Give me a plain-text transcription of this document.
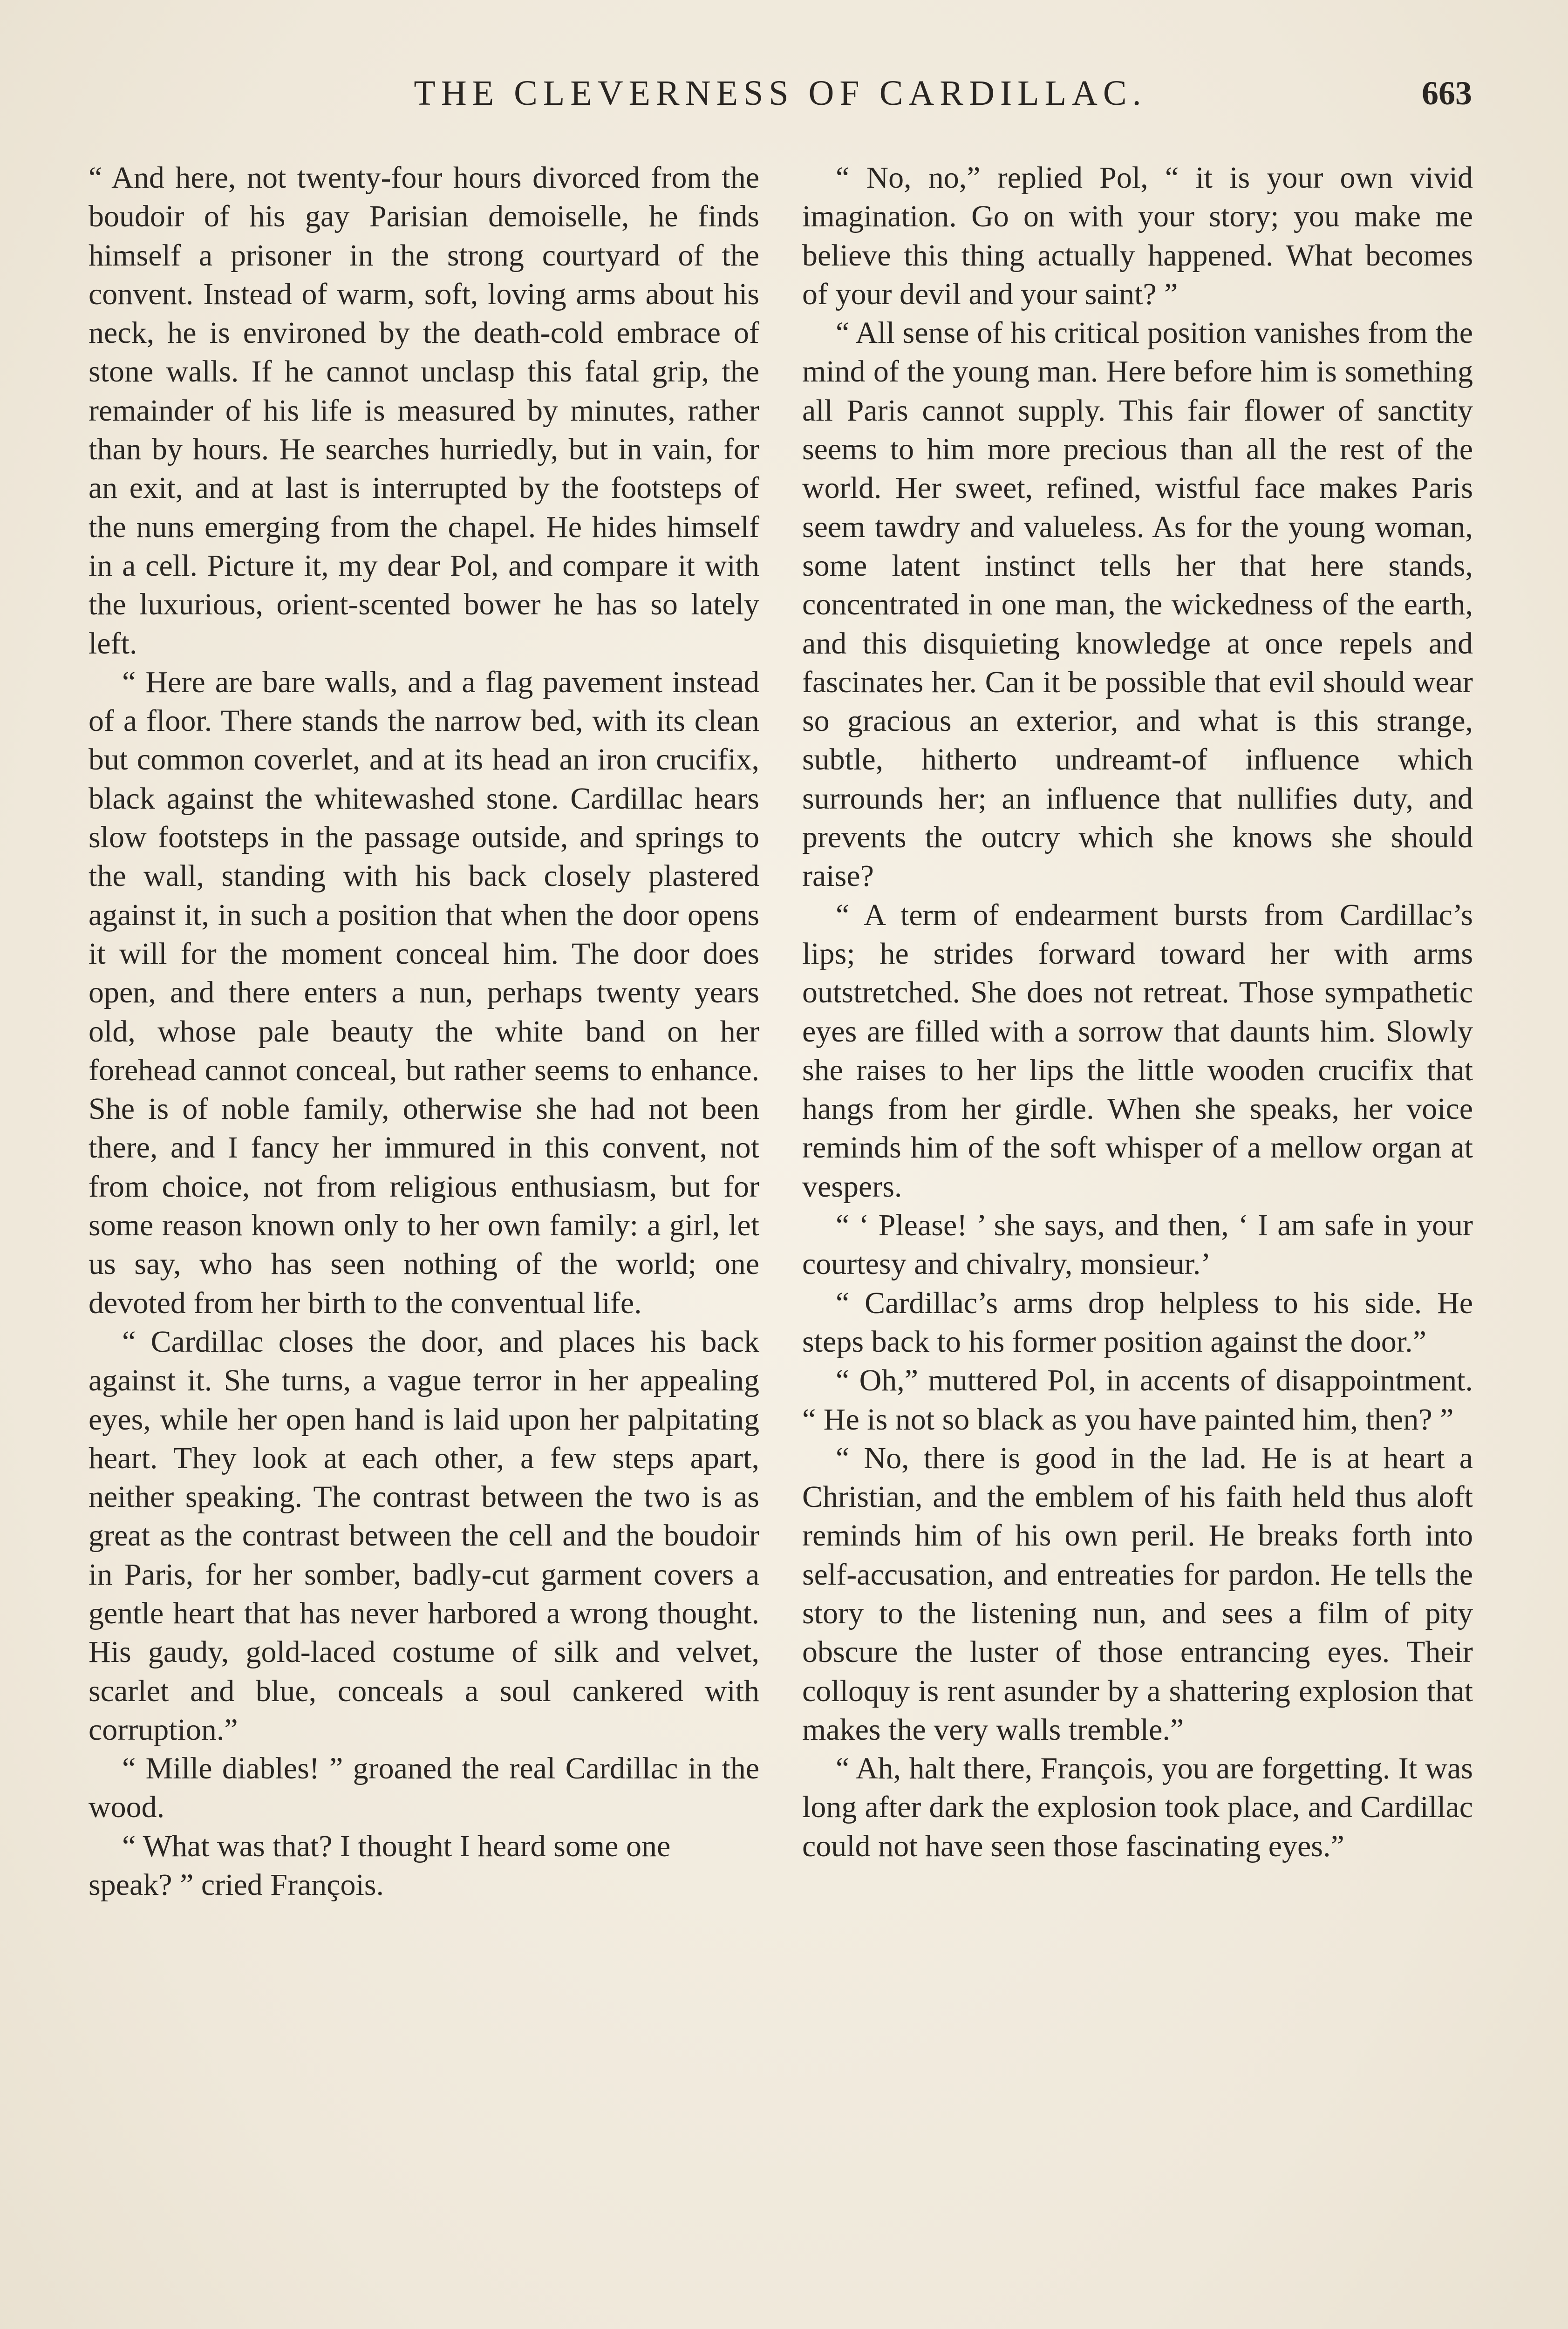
THE CLEVERNESS OF CARDILLAC.	663

“ And here, not twenty-four hours divorced from the boudoir of his gay Parisian demoiselle, he finds himself a prisoner in the strong courtyard of the convent. Instead of warm, soft, loving arms about his neck, he is environed by the death-cold embrace of stone walls. If he cannot unclasp this fatal grip, the remainder of his life is measured by minutes, rather than by hours. He searches hurriedly, but in vain, for an exit, and at last is interrupted by the footsteps of the nuns emerging from the chapel. He hides himself in a cell. Picture it, my dear Pol, and compare it with the luxurious, orient-scented bower he has so lately left.

“ Here are bare walls, and a flag pavement instead of a floor. There stands the narrow bed, with its clean but common coverlet, and at its head an iron crucifix, black against the whitewashed stone. Cardillac hears slow footsteps in the passage outside, and springs to the wall, standing with his back closely plastered against it, in such a position that when the door opens it will for the moment conceal him. The door does open, and there enters a nun, perhaps twenty years old, whose pale beauty the white band on her forehead cannot conceal, but rather seems to enhance. She is of noble family, otherwise she had not been there, and I fancy her immured in this convent, not from choice, not from religious enthusiasm, but for some reason known only to her own family: a girl, let us say, who has seen nothing of the world; one devoted from her birth to the conventual life.

“ Cardillac closes the door, and places his back against it. She turns, a vague terror in her appealing eyes, while her open hand is laid upon her palpitating heart. They look at each other, a few steps apart, neither speaking. The contrast between the two is as great as the contrast between the cell and the boudoir in Paris, for her somber, badly-cut garment covers a gentle heart that has never harbored a wrong thought. His gaudy, gold-laced costume of silk and velvet, scarlet and blue, conceals a soul cankered with corruption.”

“ Mille diables! ” groaned the real Cardillac in the wood.

“ What was that? I thought I heard some one speak? ” cried François.

“ No, no,” replied Pol, “ it is your own vivid imagination. Go on with your story; you make me believe this thing actually happened. What becomes of your devil and your saint? ”

“ All sense of his critical position vanishes from the mind of the young man. Here before him is something all Paris cannot supply. This fair flower of sanctity seems to him more precious than all the rest of the world. Her sweet, refined, wistful face makes Paris seem tawdry and valueless. As for the young woman, some latent instinct tells her that here stands, concentrated in one man, the wickedness of the earth, and this disquieting knowledge at once repels and fascinates her. Can it be possible that evil should wear so gracious an exterior, and what is this strange, subtle, hitherto undreamt-of influence which surrounds her; an influence that nullifies duty, and prevents the outcry which she knows she should raise?

“ A term of endearment bursts from Cardillac’s lips; he strides forward toward her with arms outstretched. She does not retreat. Those sympathetic eyes are filled with a sorrow that daunts him. Slowly she raises to her lips the little wooden crucifix that hangs from her girdle. When she speaks, her voice reminds him of the soft whisper of a mellow organ at vespers.

“ ‘ Please! ’ she says, and then, ‘ I am safe in your courtesy and chivalry, monsieur.’

“ Cardillac’s arms drop helpless to his side. He steps back to his former position against the door.”

“ Oh,” muttered Pol, in accents of disappointment. “ He is not so black as you have painted him, then? ”

“ No, there is good in the lad. He is at heart a Christian, and the emblem of his faith held thus aloft reminds him of his own peril. He breaks forth into self-accusation, and entreaties for pardon. He tells the story to the listening nun, and sees a film of pity obscure the luster of those entrancing eyes. Their colloquy is rent asunder by a shattering explosion that makes the very walls tremble.”

“ Ah, halt there, François, you are forgetting. It was long after dark the explosion took place, and Cardillac could not have seen those fascinating eyes.”
